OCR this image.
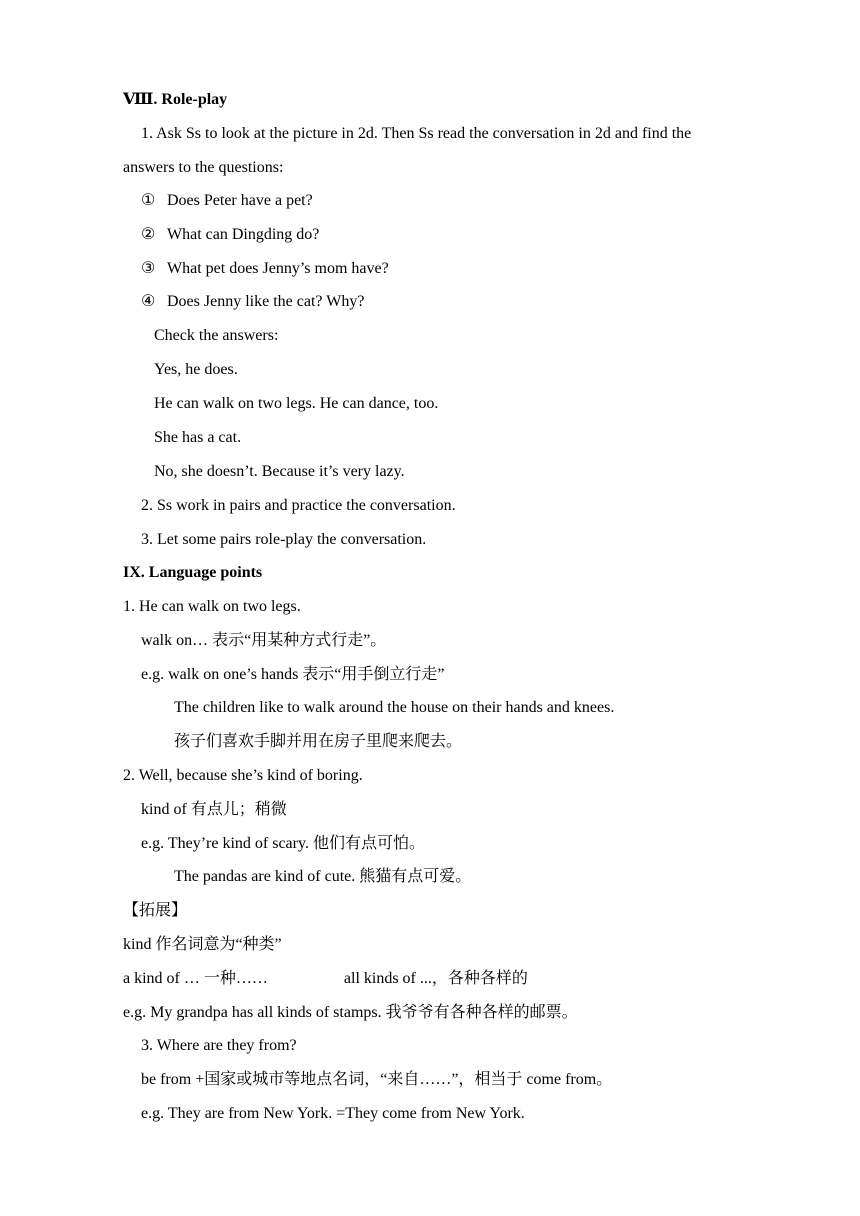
Ⅷ. Role-play
1. Ask Ss to look at the picture in 2d. Then Ss read the conversation in 2d and find the
answers to the questions:
① Does Peter have a pet?
② What can Dingding do?
③ What pet does Jenny’s mom have?
④ Does Jenny like the cat? Why?
Check the answers:
Yes, he does.
He can walk on two legs. He can dance, too.
She has a cat.
No, she doesn’t. Because it’s very lazy.
2. Ss work in pairs and practice the conversation.
3. Let some pairs role-play the conversation.
IX. Language points
1. He can walk on two legs.
walk on… 表示“用某种方式行走”。
e.g. walk on one’s hands 表示“用手倒立行走”
The children like to walk around the house on their hands and knees.
孩子们喜欢手脚并用在房子里爬来爬去。
2. Well, because she’s kind of boring.
kind of 有点儿；稍微
e.g. They’re kind of scary. 他们有点可怕。
The pandas are kind of cute. 熊猫有点可爱。
【拓展】
kind 作名词意为“种类”
a kind of … 一种……	all kinds of ...，各种各样的
e.g. My grandpa has all kinds of stamps. 我爷爷有各种各样的邮票。
3. Where are they from?
be from +国家或城市等地点名词，“来自……”，相当于 come from。
e.g. They are from New York. =They come from New York.
